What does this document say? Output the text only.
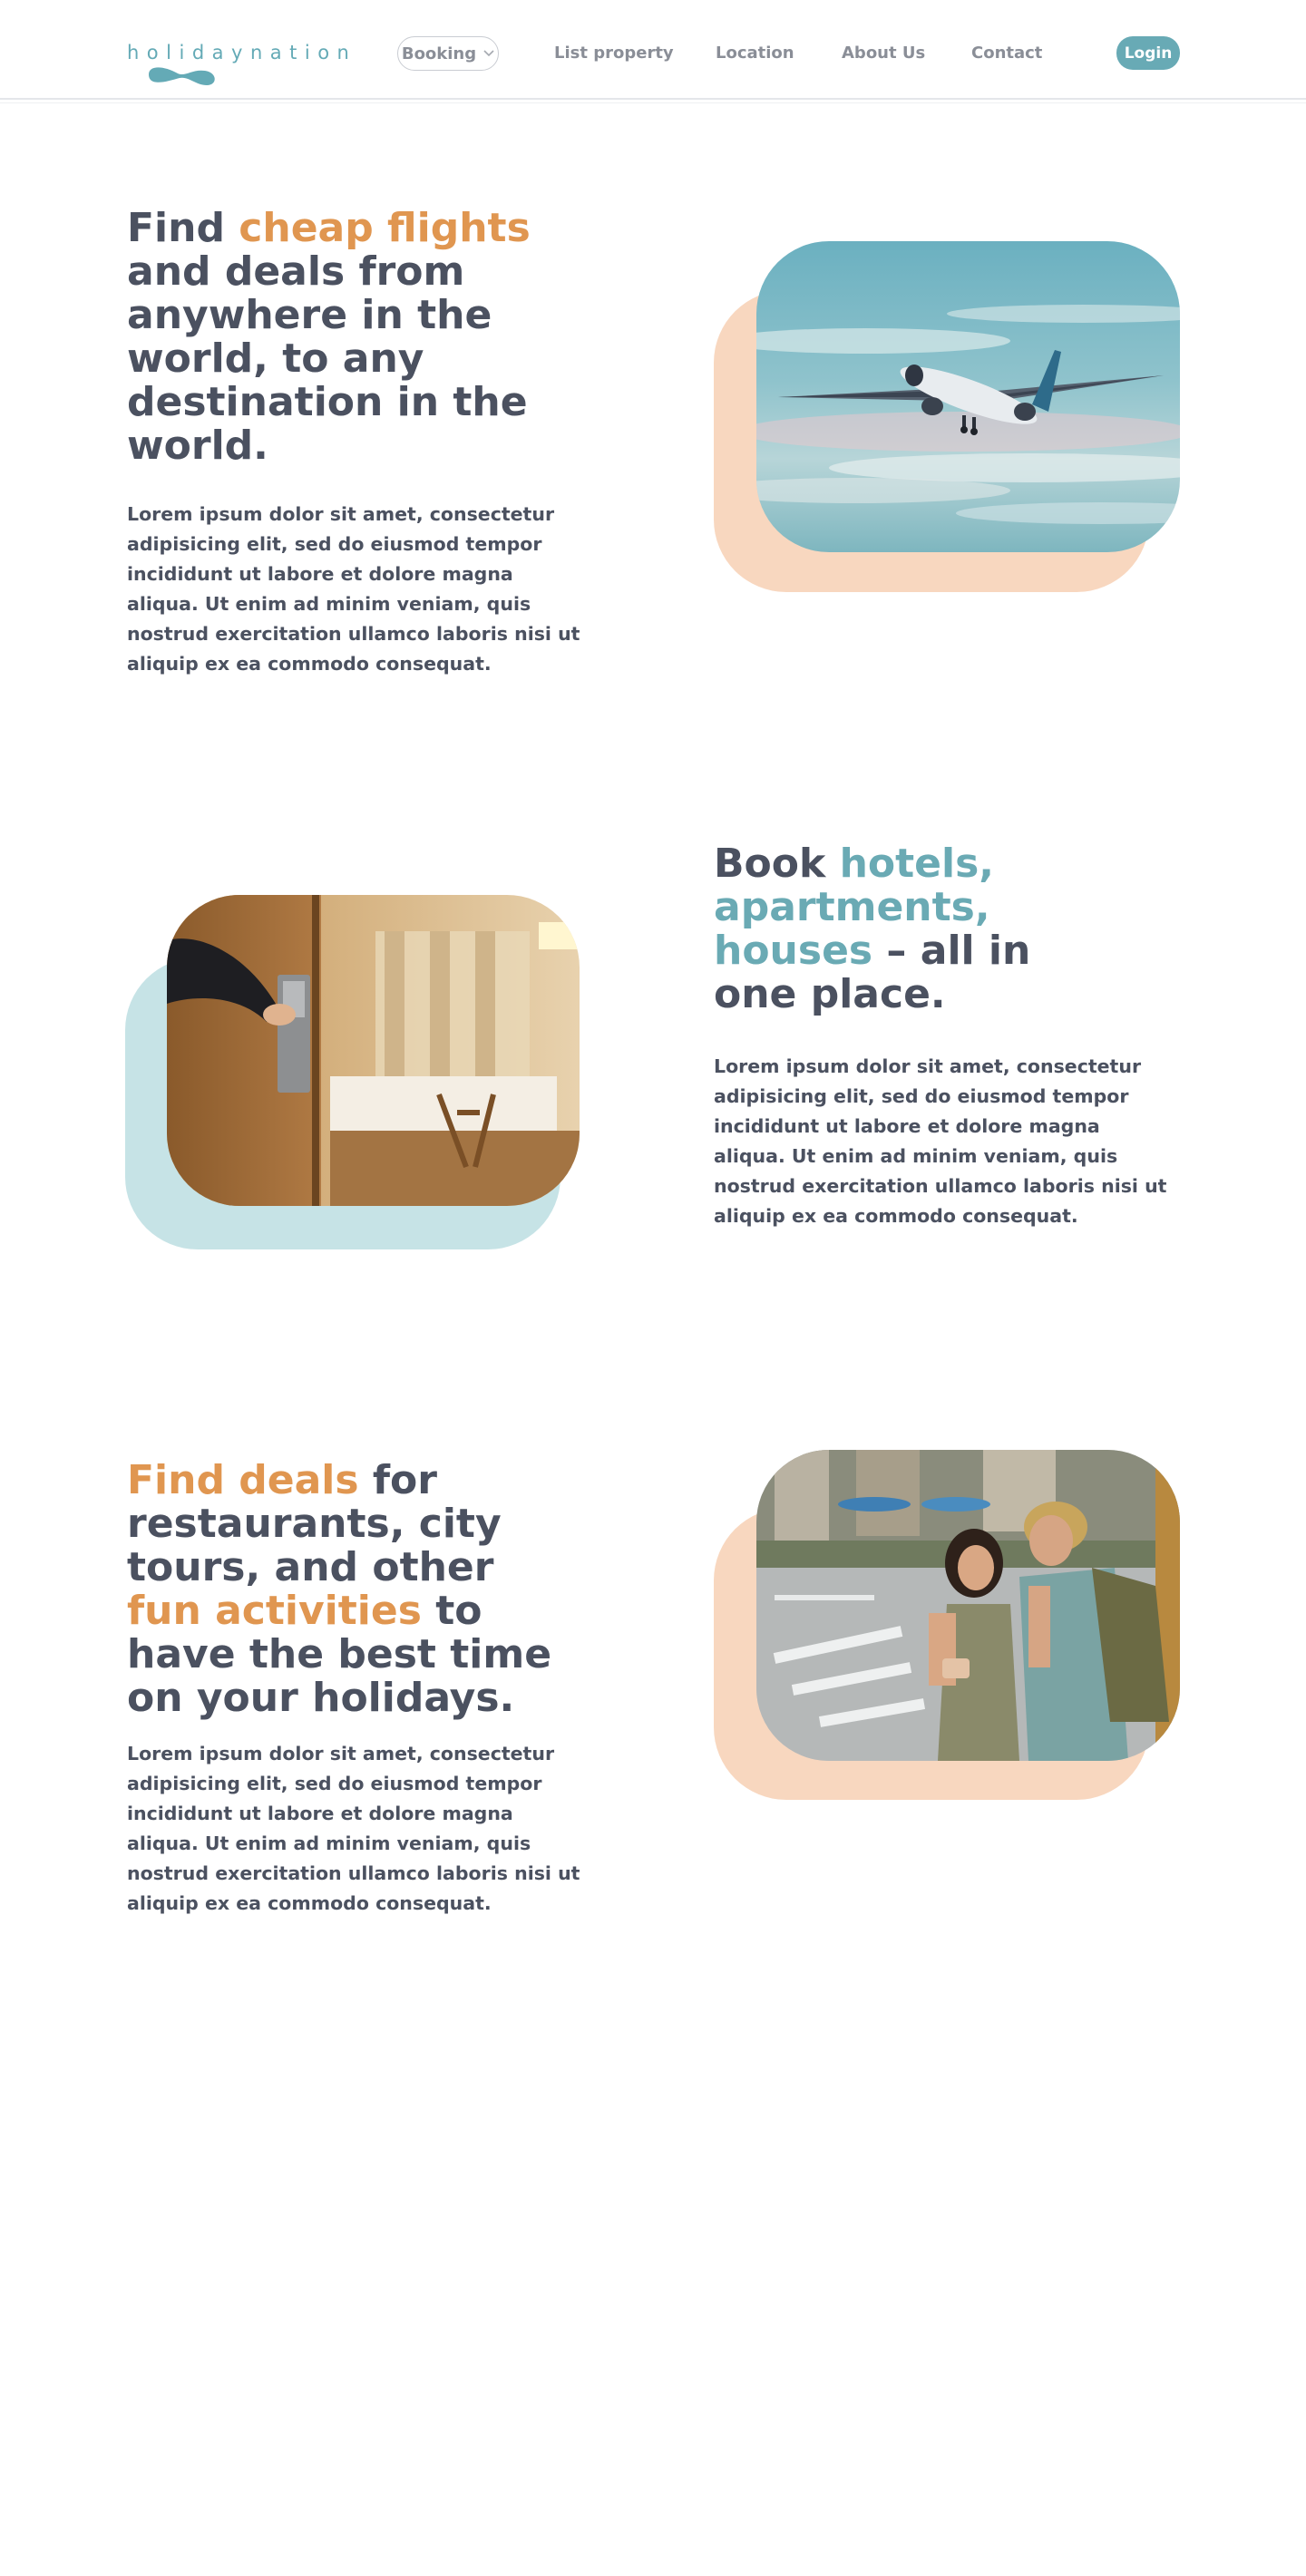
holidaynation	Booking	List property	Location	About Us	Contact	Login
Find cheap flights and deals from anywhere in the world, to any destination in the world.

Lorem ipsum dolor sit amet, consectetur adipisicing elit, sed do eiusmod tempor incididunt ut labore et dolore magna aliqua. Ut enim ad minim veniam, quis nostrud exercitation ullamco laboris nisi ut aliquip ex ea commodo consequat.

Book hotels, apartments, houses – all in one place.

Lorem ipsum dolor sit amet, consectetur adipisicing elit, sed do eiusmod tempor incididunt ut labore et dolore magna aliqua. Ut enim ad minim veniam, quis nostrud exercitation ullamco laboris nisi ut aliquip ex ea commodo consequat.

Find deals for restaurants, city tours, and other fun activities to have the best time on your holidays.

Lorem ipsum dolor sit amet, consectetur adipisicing elit, sed do eiusmod tempor incididunt ut labore et dolore magna aliqua. Ut enim ad minim veniam, quis nostrud exercitation ullamco laboris nisi ut aliquip ex ea commodo consequat.
